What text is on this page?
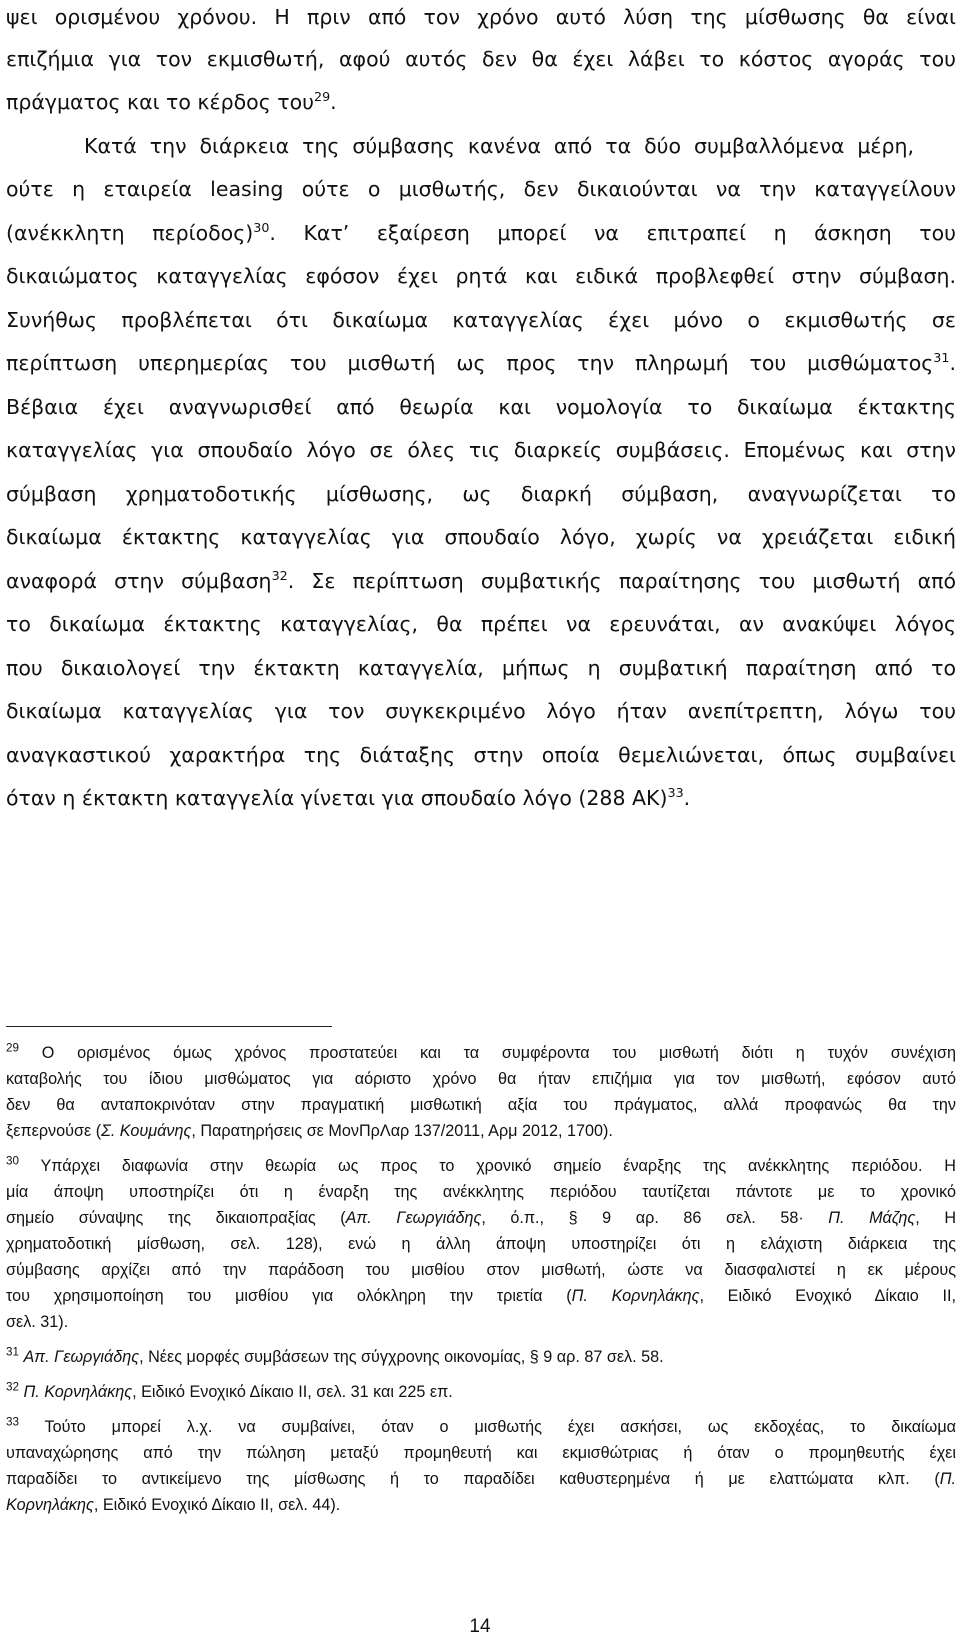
ψει ορισμένου χρόνου. Η πριν από τον χρόνο αυτό λύση της μίσθωσης θα είναι
επιζήμια για τον εκμισθωτή, αφού αυτός δεν θα έχει λάβει το κόστος αγοράς του
πράγματος και το κέρδος του$^{29}$.
Κατά την διάρκεια της σύμβασης κανένα από τα δύο συμβαλλόμενα μέρη,
ούτε η εταιρεία leasing ούτε ο μισθωτής, δεν δικαιούνται να την καταγγείλουν
(ανέκκλητη περίοδος)$^{30}$. Κατ’ εξαίρεση μπορεί να επιτραπεί η άσκηση του
δικαιώματος καταγγελίας εφόσον έχει ρητά και ειδικά προβλεφθεί στην σύμβαση.
Συνήθως προβλέπεται ότι δικαίωμα καταγγελίας έχει μόνο ο εκμισθωτής σε
περίπτωση υπερημερίας του μισθωτή ως προς την πληρωμή του μισθώματος$^{31}$.
Βέβαια έχει αναγνωρισθεί από θεωρία και νομολογία το δικαίωμα έκτακτης
καταγγελίας για σπουδαίο λόγο σε όλες τις διαρκείς συμβάσεις. Επομένως και στην
σύμβαση χρηματοδοτικής μίσθωσης, ως διαρκή σύμβαση, αναγνωρίζεται το
δικαίωμα έκτακτης καταγγελίας για σπουδαίο λόγο, χωρίς να χρειάζεται ειδική
αναφορά στην σύμβαση$^{32}$. Σε περίπτωση συμβατικής παραίτησης του μισθωτή από
το δικαίωμα έκτακτης καταγγελίας, θα πρέπει να ερευνάται, αν ανακύψει λόγος
που δικαιολογεί την έκτακτη καταγγελία, μήπως η συμβατική παραίτηση από το
δικαίωμα καταγγελίας για τον συγκεκριμένο λόγο ήταν ανεπίτρεπτη, λόγω του
αναγκαστικού χαρακτήρα της διάταξης στην οποία θεμελιώνεται, όπως συμβαίνει
όταν η έκτακτη καταγγελία γίνεται για σπουδαίο λόγο (288 ΑΚ)$^{33}$.
$^{29}$ Ο ορισμένος όμως χρόνος προστατεύει και τα συμφέροντα του μισθωτή διότι η τυχόν συνέχιση
καταβολής του ίδιου μισθώματος για αόριστο χρόνο θα ήταν επιζήμια για τον μισθωτή, εφόσον αυτό
δεν θα ανταποκρινόταν στην πραγματική μισθωτική αξία του πράγματος, αλλά προφανώς θα την
ξεπερνούσε (Σ. Κουμάνης, Παρατηρήσεις σε ΜονΠρΛαρ 137/2011, Αρμ 2012, 1700).
$^{30}$ Υπάρχει διαφωνία στην θεωρία ως προς το χρονικό σημείο έναρξης της ανέκκλητης περιόδου. Η
μία άποψη υποστηρίζει ότι η έναρξη της ανέκκλητης περιόδου ταυτίζεται πάντοτε με το χρονικό
σημείο σύναψης της δικαιοπραξίας (Απ. Γεωργιάδης, ό.π., § 9 αρ. 86 σελ. 58· Π. Μάζης, Η
χρηματοδοτική μίσθωση, σελ. 128), ενώ η άλλη άποψη υποστηρίζει ότι η ελάχιστη διάρκεια της
σύμβασης αρχίζει από την παράδοση του μισθίου στον μισθωτή, ώστε να διασφαλιστεί η εκ μέρους
του χρησιμοποίηση του μισθίου για ολόκληρη την τριετία (Π. Κορνηλάκης, Ειδικό Ενοχικό Δίκαιο ΙΙ,
σελ. 31).
$^{31}$ Απ. Γεωργιάδης, Νέες μορφές συμβάσεων της σύγχρονης οικονομίας, § 9 αρ. 87 σελ. 58.
$^{32}$ Π. Κορνηλάκης, Ειδικό Ενοχικό Δίκαιο ΙΙ, σελ. 31 και 225 επ.
$^{33}$ Τούτο μπορεί λ.χ. να συμβαίνει, όταν ο μισθωτής έχει ασκήσει, ως εκδοχέας, το δικαίωμα
υπαναχώρησης από την πώληση μεταξύ προμηθευτή και εκμισθώτριας ή όταν ο προμηθευτής έχει
παραδίδει το αντικείμενο της μίσθωσης ή το παραδίδει καθυστερημένα ή με ελαττώματα κλπ. (Π.
Κορνηλάκης, Ειδικό Ενοχικό Δίκαιο ΙΙ, σελ. 44).
14
